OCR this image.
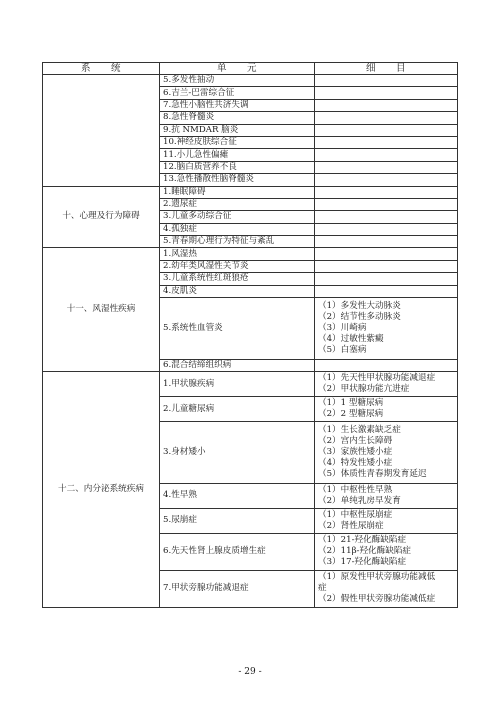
系　　统	单　　元	细　　目
	5.多发性抽动	
	6.吉兰-巴雷综合征	
	7.急性小脑性共济失调	
	8.急性脊髓炎	
	9.抗 NMDAR 脑炎	
	10.神经皮肤综合征	
	11.小儿急性偏瘫	
	12.脑白质营养不良	
	13.急性播散性脑脊髓炎	
十、心理及行为障碍	1.睡眠障碍	
	2.遗尿症	
	3.儿童多动综合征	
	4.孤独症	
	5.青春期心理行为特征与紊乱	
十一、风湿性疾病	1.风湿热	
	2.幼年类风湿性关节炎	
	3.儿童系统性红斑狼疮	
	4.皮肌炎	
	5.系统性血管炎	（1）多发性大动脉炎
（2）结节性多动脉炎
（3）川崎病
（4）过敏性紫癜
（5）白塞病

	6.混合结缔组织病	
十二、内分泌系统疾病	1.甲状腺疾病	（1）先天性甲状腺功能减退症
（2）甲状腺功能亢进症

	2.儿童糖尿病	（1）1 型糖尿病
（2）2 型糖尿病

	3.身材矮小	（1）生长激素缺乏症
（2）宫内生长障碍
（3）家族性矮小症
（4）特发性矮小症
（5）体质性青春期发育延迟

	4.性早熟	（1）中枢性性早熟
（2）单纯乳房早发育

	5.尿崩症	（1）中枢性尿崩症
（2）肾性尿崩症

	6.先天性肾上腺皮质增生症	（1）21-羟化酶缺陷症
（2）11β-羟化酶缺陷症
（3）17-羟化酶缺陷症

	7.甲状旁腺功能减退症	（1）原发性甲状旁腺功能减低
症
（2）假性甲状旁腺功能减低症
- 29 -
